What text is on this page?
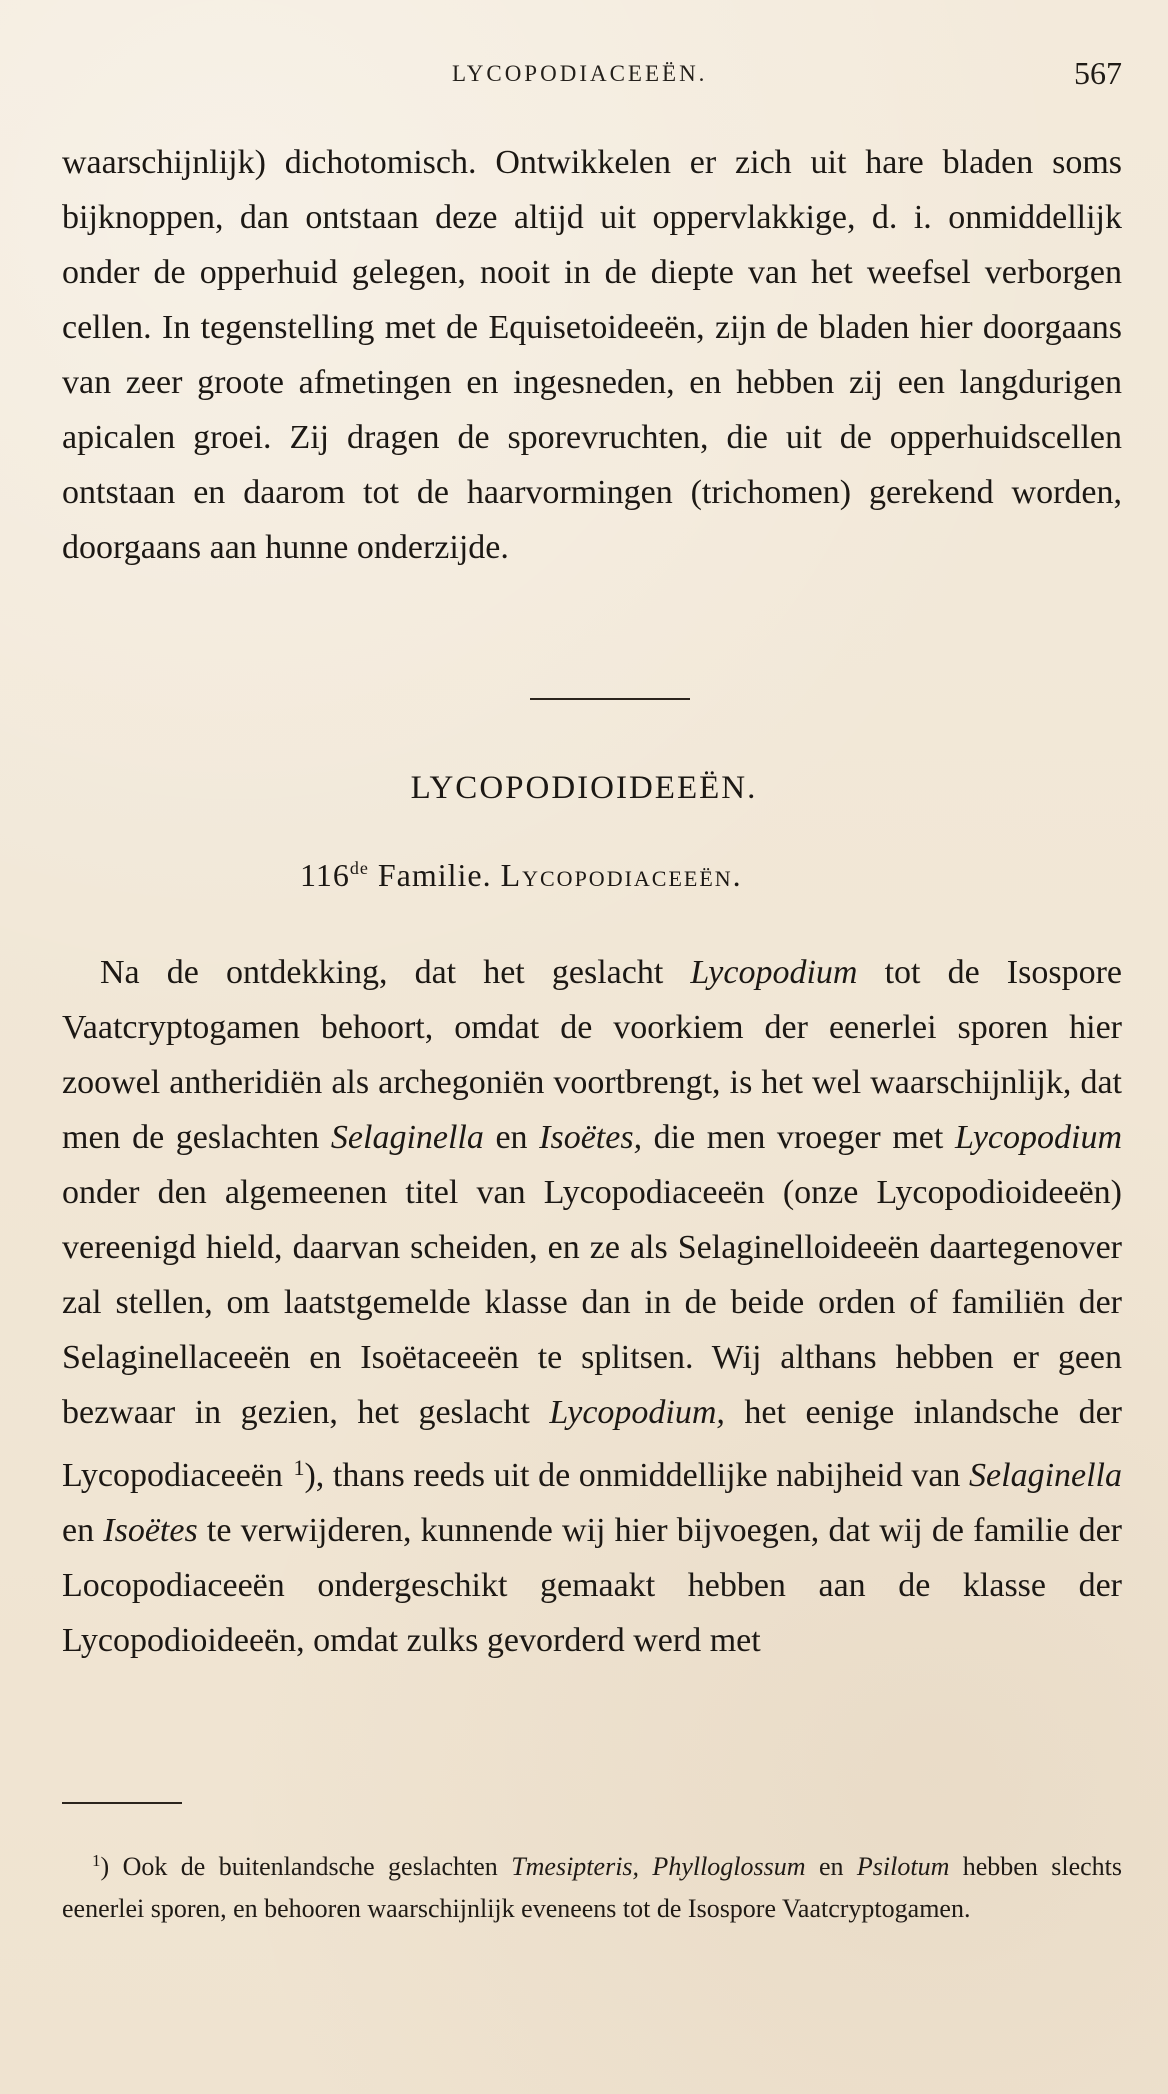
LYCOPODIACEEËN.	567

waarschijnlijk) dichotomisch. Ontwikkelen er zich uit hare bladen soms bijknoppen, dan ontstaan deze altijd uit oppervlakkige, d. i. onmiddellijk onder de opperhuid gelegen, nooit in de diepte van het weefsel verborgen cellen. In tegenstelling met de Equisetoideeën, zijn de bladen hier doorgaans van zeer groote afmetingen en ingesneden, en hebben zij een langdurigen apicalen groei. Zij dragen de sporevruchten, die uit de opperhuidscellen ontstaan en daarom tot de haarvormingen (trichomen) gerekend worden, doorgaans aan hunne onderzijde.

LYCOPODIOIDEEËN.
116de Familie. Lycopodiaceeën.

Na de ontdekking, dat het geslacht Lycopodium tot de Isospore Vaatcryptogamen behoort, omdat de voorkiem der eenerlei sporen hier zoowel antheridiën als archegoniën voortbrengt, is het wel waarschijnlijk, dat men de geslachten Selaginella en Isoëtes, die men vroeger met Lycopodium onder den algemeenen titel van Lycopodiaceeën (onze Lycopodioideeën) vereenigd hield, daarvan scheiden, en ze als Selaginelloideeën daartegenover zal stellen, om laatstgemelde klasse dan in de beide orden of familiën der Selaginellaceeën en Isoëtaceeën te splitsen. Wij althans hebben er geen bezwaar in gezien, het geslacht Lycopodium, het eenige inlandsche der Lycopodiaceeën $^1$), thans reeds uit de onmiddellijke nabijheid van Selaginella en Isoëtes te verwijderen, kunnende wij hier bijvoegen, dat wij de familie der Locopodiaceeën ondergeschikt gemaakt hebben aan de klasse der Lycopodioideeën, omdat zulks gevorderd werd met

$^1$) Ook de buitenlandsche geslachten Tmesipteris, Phylloglossum en Psilotum hebben slechts eenerlei sporen, en behooren waarschijnlijk eveneens tot de Isospore Vaatcryptogamen.
